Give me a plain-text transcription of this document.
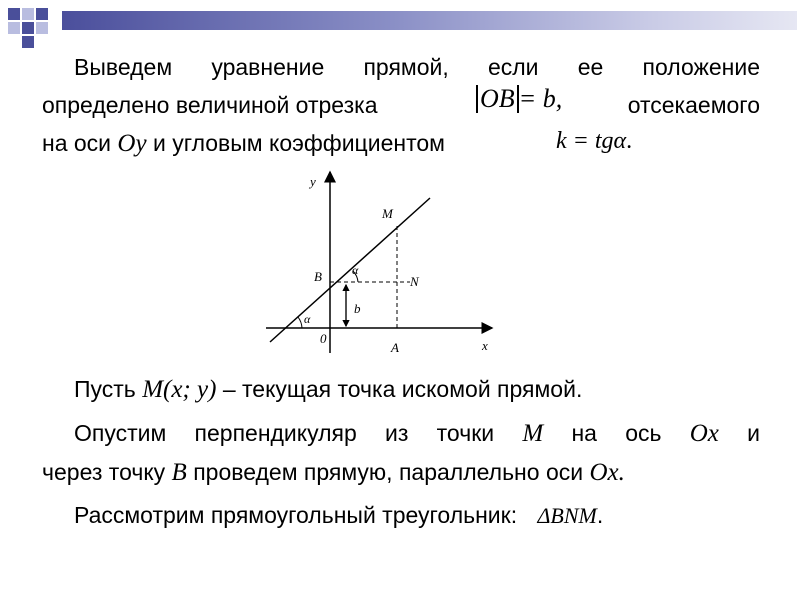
Выведем уравнение прямой, если ее положение
определено величиной отрезка	отсекаемого
на оси Oy и угловым коэффициентом
OB = b,
k = tgα.
y
x
M
B	N
A
b
0
α
α
Пусть M(x; y) – текущая точка искомой прямой.
Опустим перпендикуляр из точки M на ось Ox и
через точку B проведем прямую, параллельно оси Ox.
Рассмотрим прямоугольный треугольник: ΔBNM.
